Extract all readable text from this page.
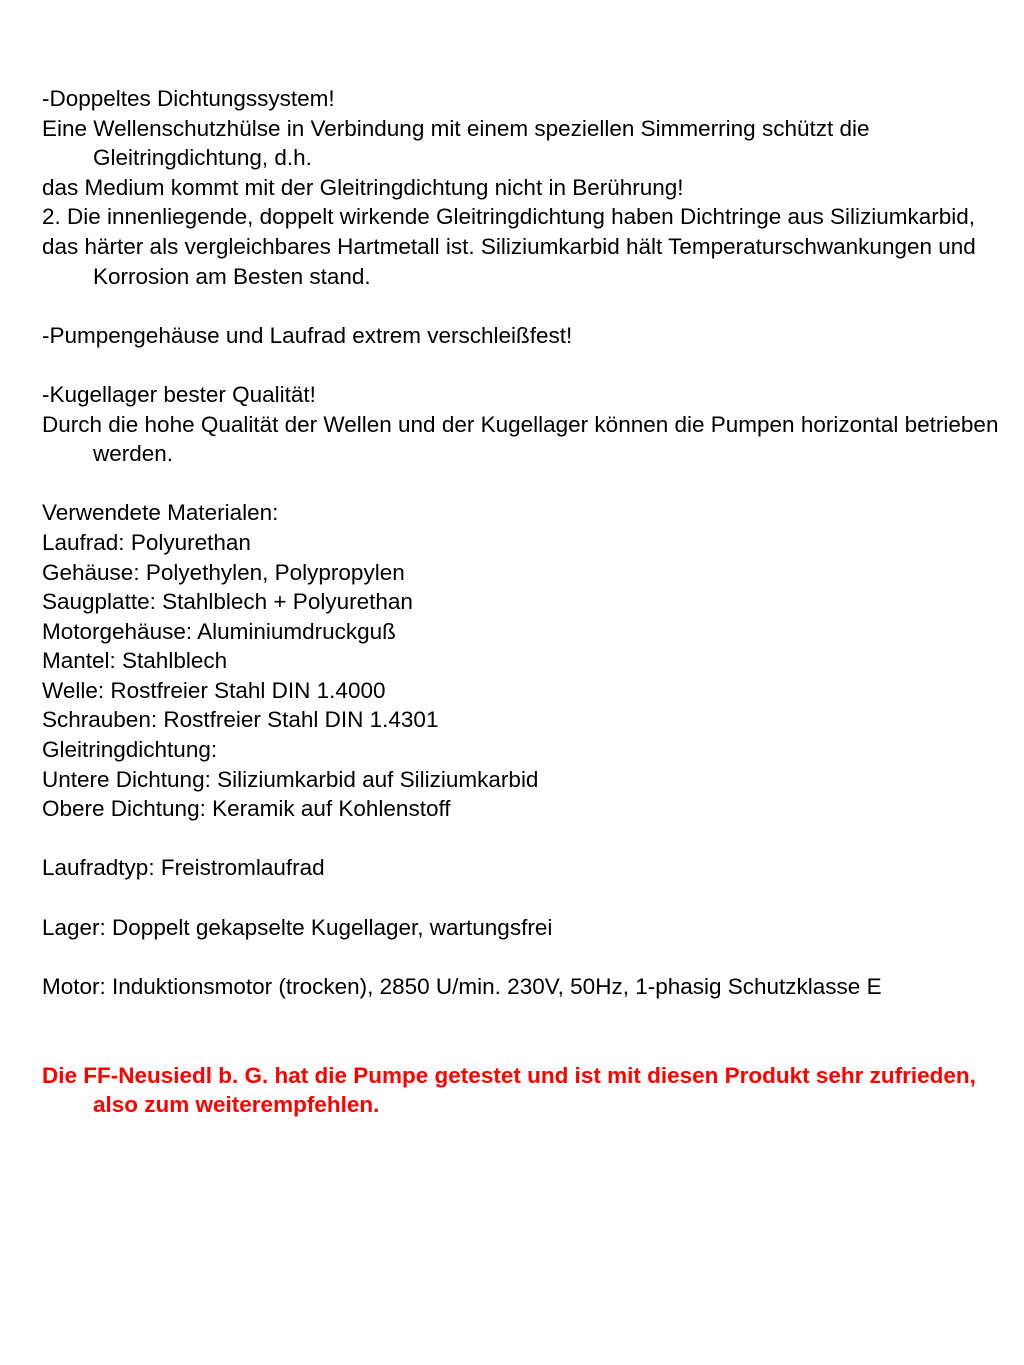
-Doppeltes Dichtungssystem!

Eine Wellenschutzhülse in Verbindung mit einem speziellen Simmerring schützt die Gleitringdichtung, d.h.

das Medium kommt mit der Gleitringdichtung nicht in Berührung!

2. Die innenliegende, doppelt wirkende Gleitringdichtung haben Dichtringe aus Siliziumkarbid,

das härter als vergleichbares Hartmetall ist. Siliziumkarbid hält Temperaturschwankungen und Korrosion am Besten stand.

-Pumpengehäuse und Laufrad extrem verschleißfest!

-Kugellager bester Qualität!

Durch die hohe Qualität der Wellen und der Kugellager können die Pumpen horizontal betrieben werden.

Verwendete Materialen:

Laufrad: Polyurethan

Gehäuse: Polyethylen, Polypropylen

Saugplatte: Stahlblech + Polyurethan

Motorgehäuse: Aluminiumdruckguß

Mantel: Stahlblech

Welle: Rostfreier Stahl DIN 1.4000

Schrauben: Rostfreier Stahl DIN 1.4301

Gleitringdichtung:

Untere Dichtung: Siliziumkarbid auf Siliziumkarbid

Obere Dichtung: Keramik auf Kohlenstoff

Laufradtyp: Freistromlaufrad

Lager: Doppelt gekapselte Kugellager, wartungsfrei

Motor: Induktionsmotor (trocken), 2850 U/min. 230V, 50Hz, 1-phasig Schutzklasse E

Die FF-Neusiedl b. G. hat die Pumpe getestet und ist mit diesen Produkt sehr zufrieden, also zum weiterempfehlen.
